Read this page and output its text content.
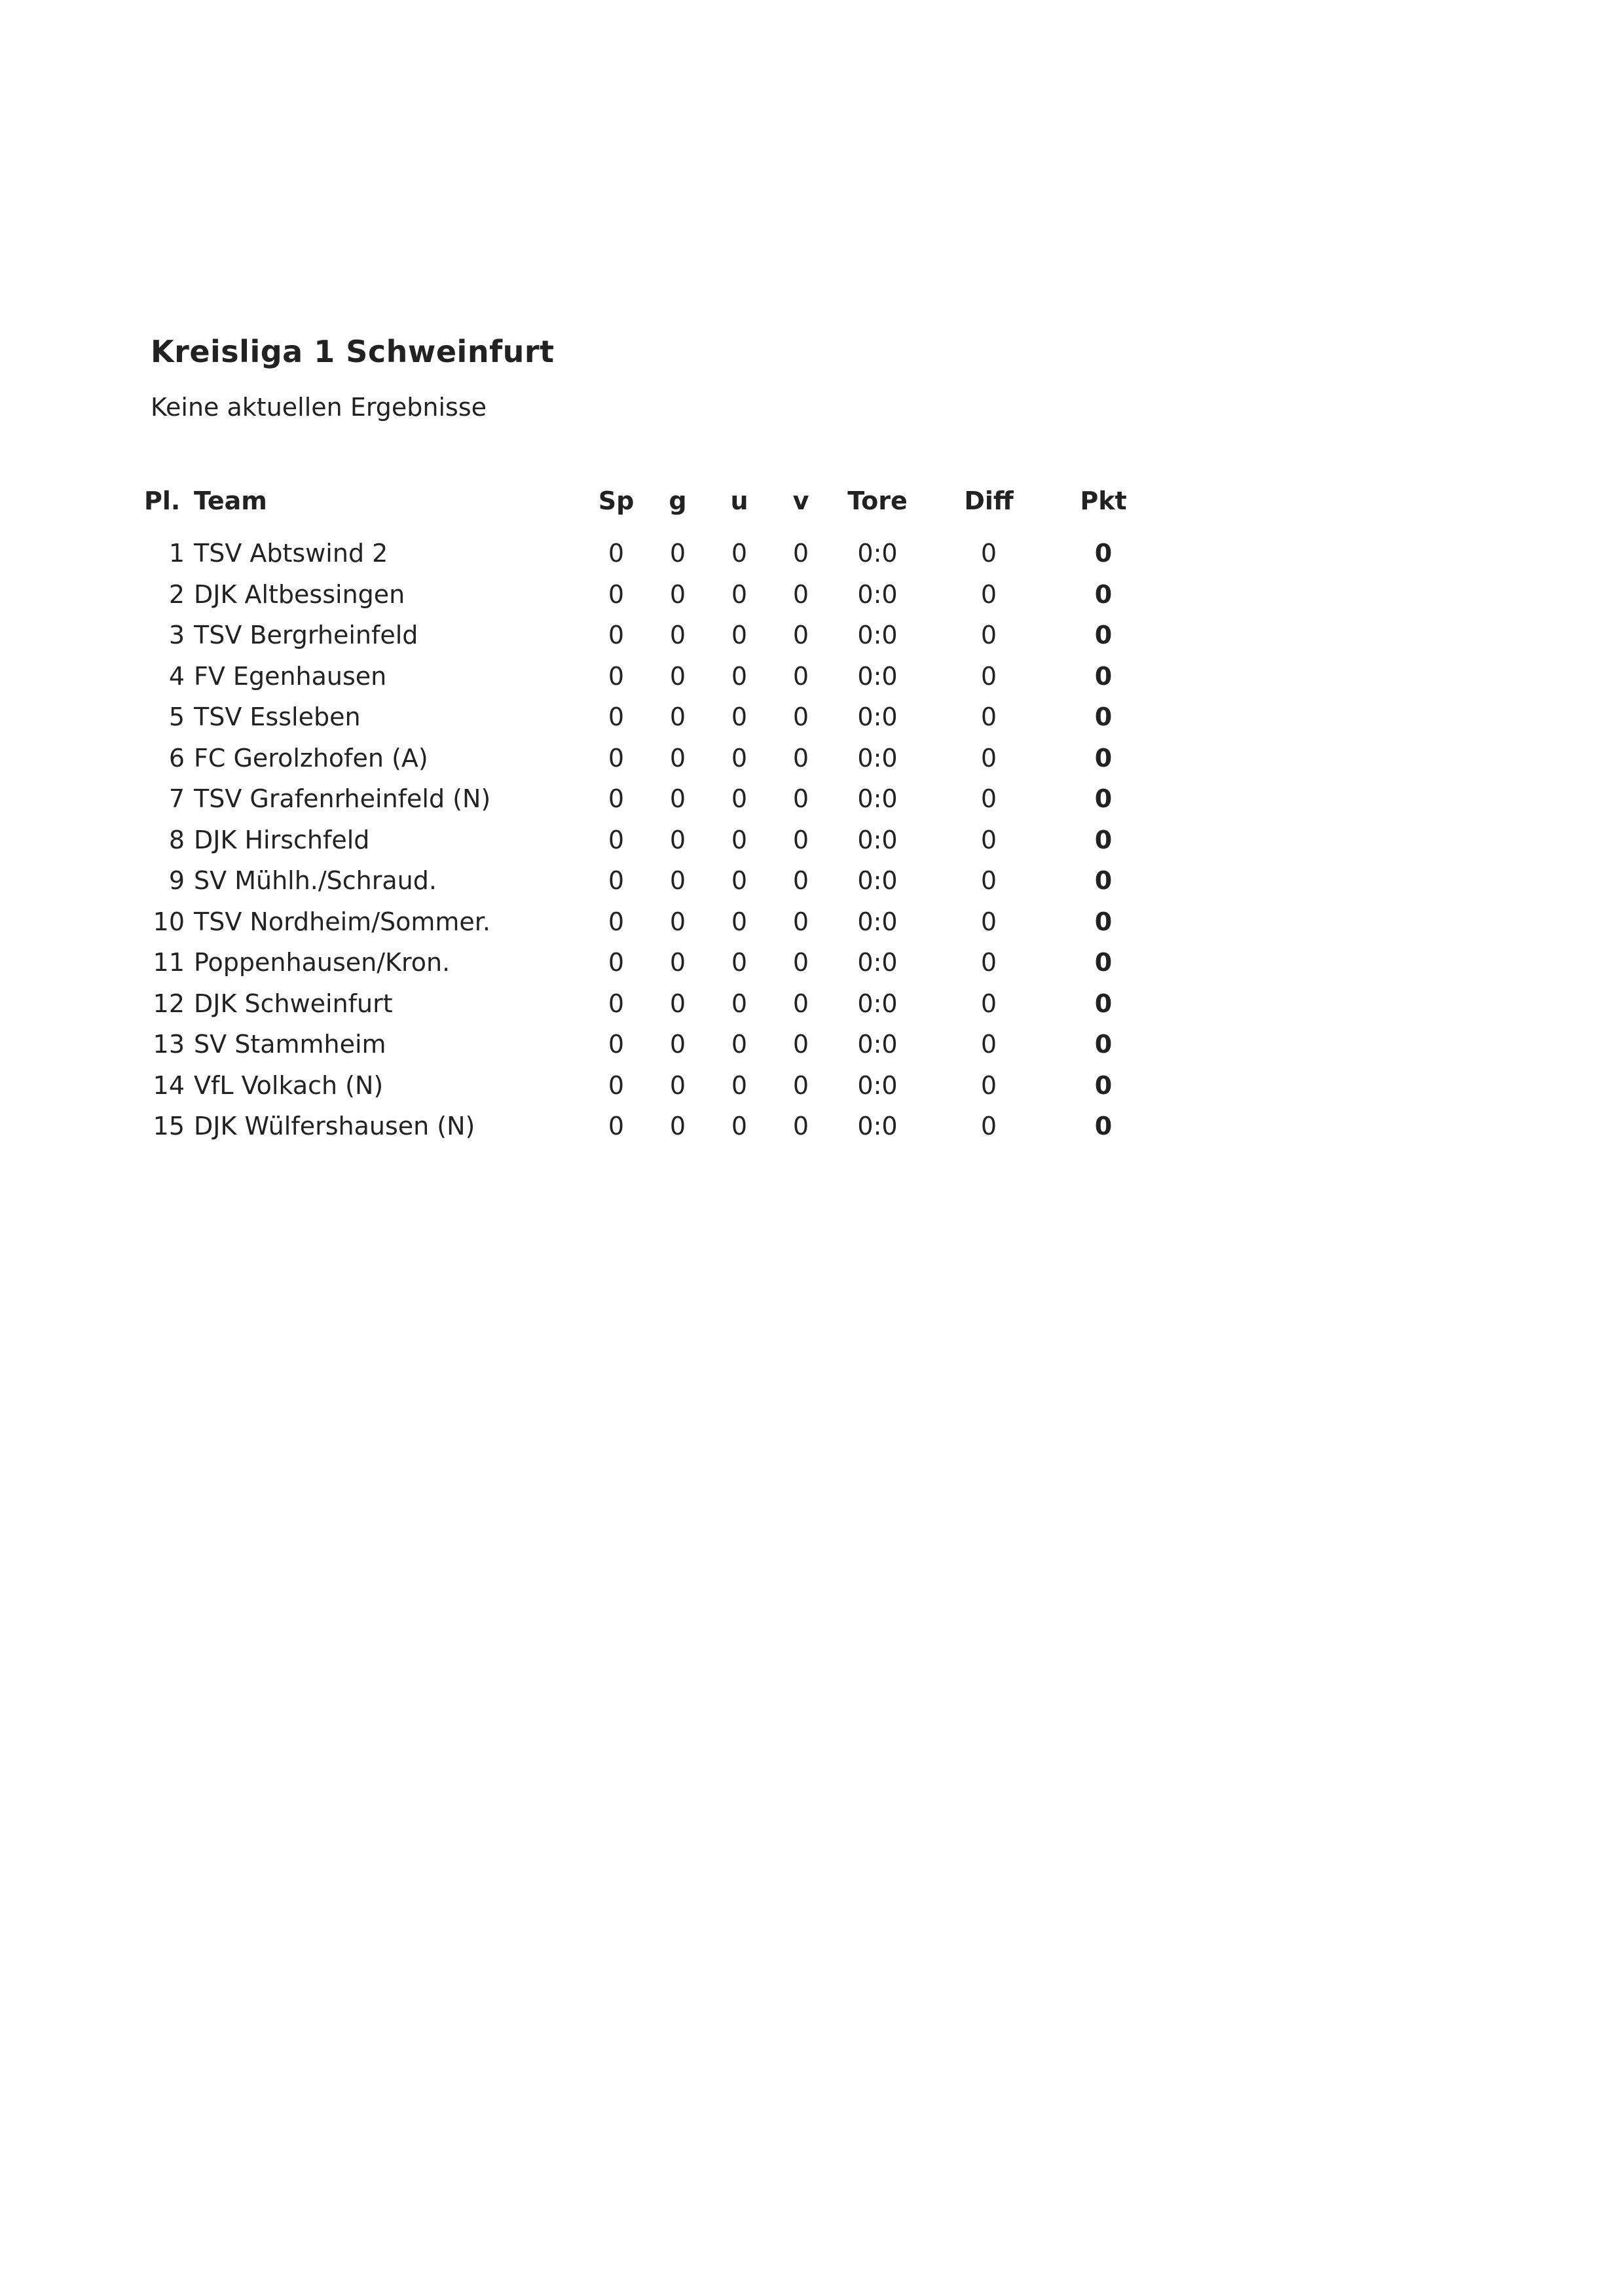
Kreisliga 1 Schweinfurt
Keine aktuellen Ergebnisse
Pl.	Team	Sp	g	u	v	Tore	Diff	Pkt

1	TSV Abtswind 2	0	0	0	0	0:0	0	0
2	DJK Altbessingen	0	0	0	0	0:0	0	0
3	TSV Bergrheinfeld	0	0	0	0	0:0	0	0
4	FV Egenhausen	0	0	0	0	0:0	0	0
5	TSV Essleben	0	0	0	0	0:0	0	0
6	FC Gerolzhofen (A)	0	0	0	0	0:0	0	0
7	TSV Grafenrheinfeld (N)	0	0	0	0	0:0	0	0
8	DJK Hirschfeld	0	0	0	0	0:0	0	0
9	SV Mühlh./Schraud.	0	0	0	0	0:0	0	0
10	TSV Nordheim/Sommer.	0	0	0	0	0:0	0	0
11	Poppenhausen/Kron.	0	0	0	0	0:0	0	0
12	DJK Schweinfurt	0	0	0	0	0:0	0	0
13	SV Stammheim	0	0	0	0	0:0	0	0
14	VfL Volkach (N)	0	0	0	0	0:0	0	0
15	DJK Wülfershausen (N)	0	0	0	0	0:0	0	0
